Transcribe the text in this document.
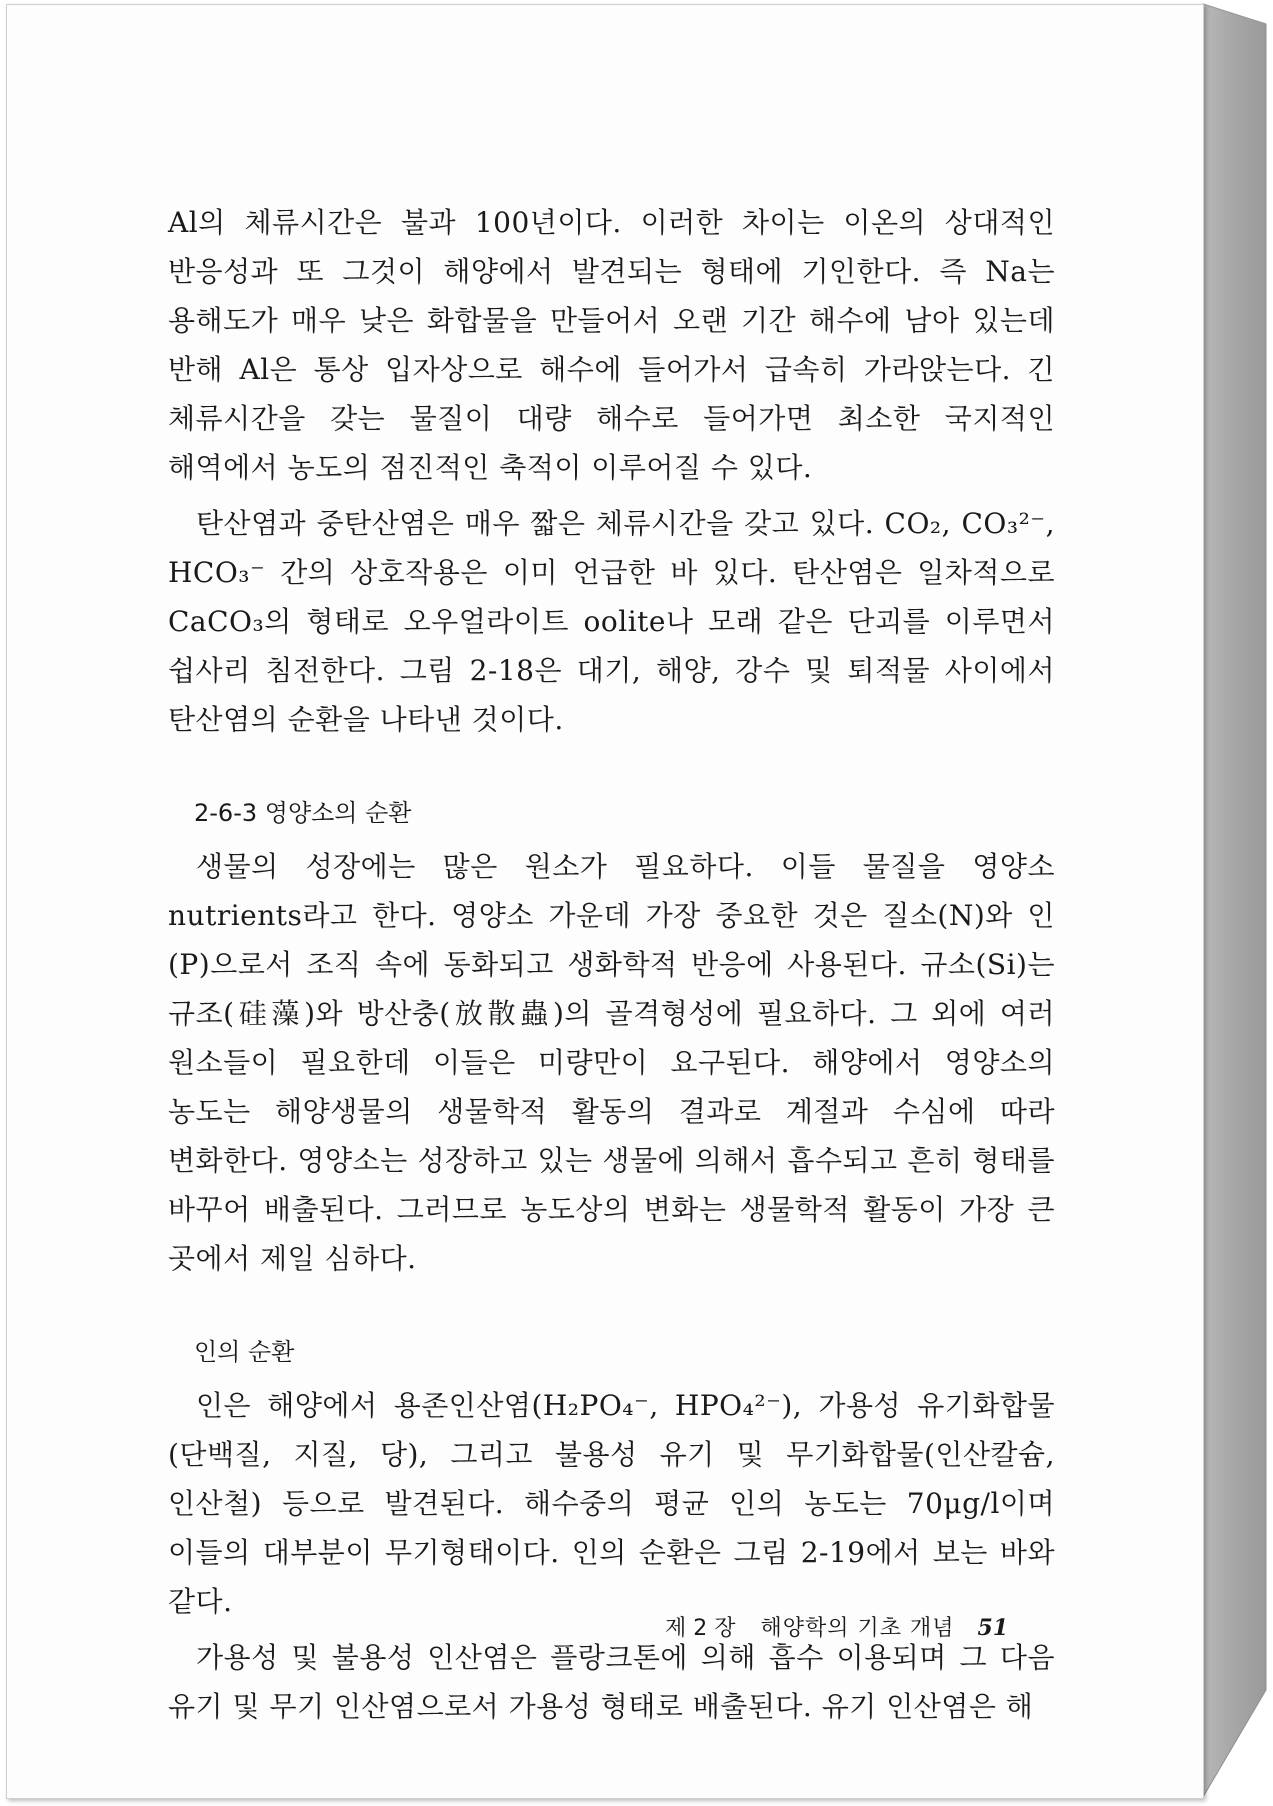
Al의 체류시간은 불과 100년이다. 이러한 차이는 이온의 상대적인 반응성과 또 그것이 해양에서 발견되는 형태에 기인한다. 즉 Na는 용해도가 매우 낮은 화합물을 만들어서 오랜 기간 해수에 남아 있는데 반해 Al은 통상 입자상으로 해수에 들어가서 급속히 가라앉는다. 긴 체류시간을 갖는 물질이 대량 해수로 들어가면 최소한 국지적인 해역에서 농도의 점진적인 축적이 이루어질 수 있다.

탄산염과 중탄산염은 매우 짧은 체류시간을 갖고 있다. CO₂, CO₃²⁻, HCO₃⁻ 간의 상호작용은 이미 언급한 바 있다. 탄산염은 일차적으로 CaCO₃의 형태로 오우얼라이트 oolite나 모래 같은 단괴를 이루면서 쉽사리 침전한다. 그림 2-18은 대기, 해양, 강수 및 퇴적물 사이에서 탄산염의 순환을 나타낸 것이다.

2-6-3 영양소의 순환

생물의 성장에는 많은 원소가 필요하다. 이들 물질을 영양소 nutrients라고 한다. 영양소 가운데 가장 중요한 것은 질소(N)와 인(P)으로서 조직 속에 동화되고 생화학적 반응에 사용된다. 규소(Si)는 규조(硅藻)와 방산충(放散蟲)의 골격형성에 필요하다. 그 외에 여러 원소들이 필요한데 이들은 미량만이 요구된다. 해양에서 영양소의 농도는 해양생물의 생물학적 활동의 결과로 계절과 수심에 따라 변화한다. 영양소는 성장하고 있는 생물에 의해서 흡수되고 흔히 형태를 바꾸어 배출된다. 그러므로 농도상의 변화는 생물학적 활동이 가장 큰 곳에서 제일 심하다.

인의 순환

인은 해양에서 용존인산염(H₂PO₄⁻, HPO₄²⁻), 가용성 유기화합물(단백질, 지질, 당), 그리고 불용성 유기 및 무기화합물(인산칼슘, 인산철) 등으로 발견된다. 해수중의 평균 인의 농도는 70μg/l이며 이들의 대부분이 무기형태이다. 인의 순환은 그림 2-19에서 보는 바와 같다.

가용성 및 불용성 인산염은 플랑크톤에 의해 흡수 이용되며 그 다음 유기 및 무기 인산염으로서 가용성 형태로 배출된다. 유기 인산염은 해

제 2 장 해양학의 기초 개념 51
